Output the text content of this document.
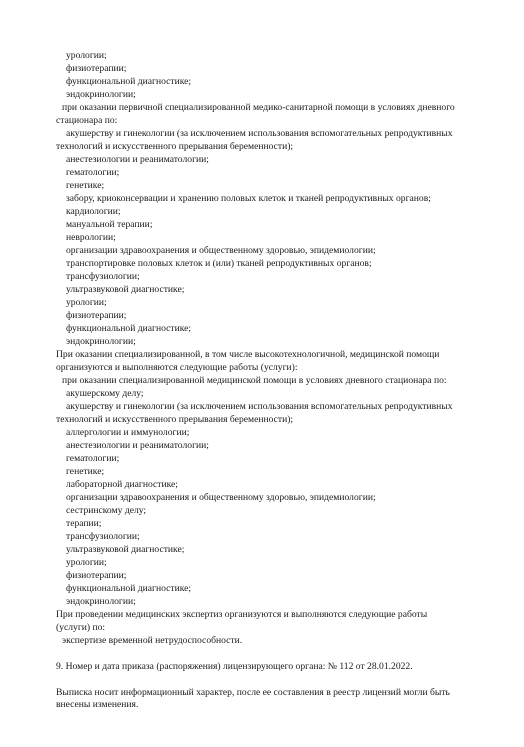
урологии;
физиотерапии;
функциональной диагностике;
эндокринологии;
при оказании первичной специализированной медико-санитарной помощи в условиях дневного
стационара по:
акушерству и гинекологии (за исключением использования вспомогательных репродуктивных
технологий и искусственного прерывания беременности);
анестезиологии и реаниматологии;
гематологии;
генетике;
забору, криоконсервации и хранению половых клеток и тканей репродуктивных органов;
кардиологии;
мануальной терапии;
неврологии;
организации здравоохранения и общественному здоровью, эпидемиологии;
транспортировке половых клеток и (или) тканей репродуктивных органов;
трансфузиологии;
ультразвуковой диагностике;
урологии;
физиотерапии;
функциональной диагностике;
эндокринологии;
При оказании специализированной, в том числе высокотехнологичной, медицинской помощи
организуются и выполняются следующие работы (услуги):
при оказании специализированной медицинской помощи в условиях дневного стационара по:
акушерскому делу;
акушерству и гинекологии (за исключением использования вспомогательных репродуктивных
технологий и искусственного прерывания беременности);
аллергологии и иммунологии;
анестезиологии и реаниматологии;
гематологии;
генетике;
лабораторной диагностике;
организации здравоохранения и общественному здоровью, эпидемиологии;
сестринскому делу;
терапии;
трансфузиологии;
ультразвуковой диагностике;
урологии;
физиотерапии;
функциональной диагностике;
эндокринологии;
При проведении медицинских экспертиз организуются и выполняются следующие работы
(услуги) по:
экспертизе временной нетрудоспособности.
9. Номер и дата приказа (распоряжения) лицензирующего органа: № 112 от 28.01.2022.
Выписка носит информационный характер, после ее составления в реестр лицензий могли быть внесены изменения.
